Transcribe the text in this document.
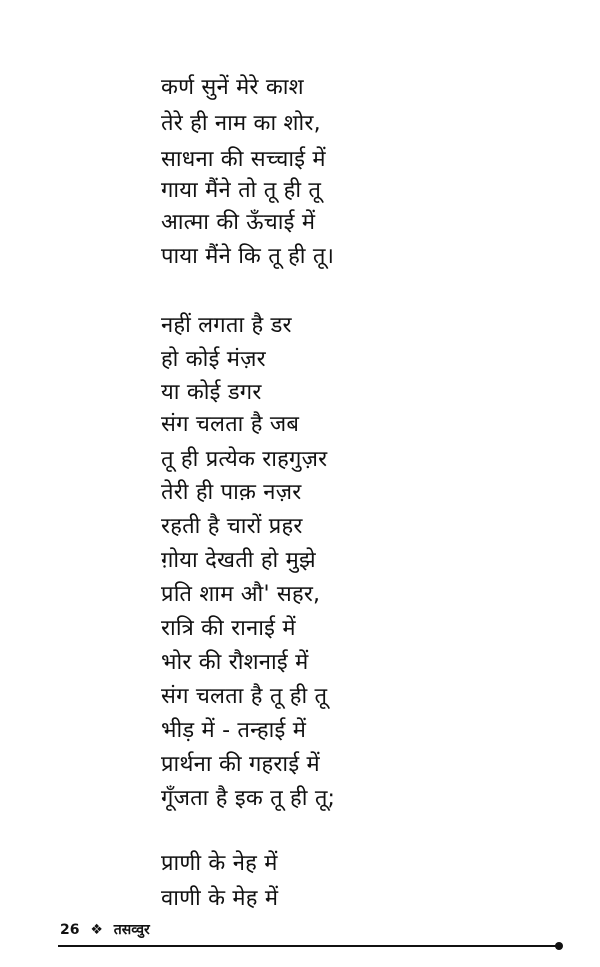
कर्ण सुनें मेरे काश
तेरे ही नाम का शोर,
साधना की सच्चाई में
गाया मैंने तो तू ही तू
आत्मा की ऊँचाई में
पाया मैंने कि तू ही तू।
नहीं लगता है डर
हो कोई मंज़र
या कोई डगर
संग चलता है जब
तू ही प्रत्येक राहगुज़र
तेरी ही पाक़ नज़र
रहती है चारों प्रहर
ग़ोया देखती हो मुझे
प्रति शाम औ' सहर,
रात्रि की रानाई में
भोर की रौशनाई में
संग चलता है तू ही तू
भीड़ में - तन्हाई में
प्रार्थना की गहराई में
गूँजता है इक तू ही तू;
प्राणी के नेह में
वाणी के मेह में
26 ❖ तसव्वुर
